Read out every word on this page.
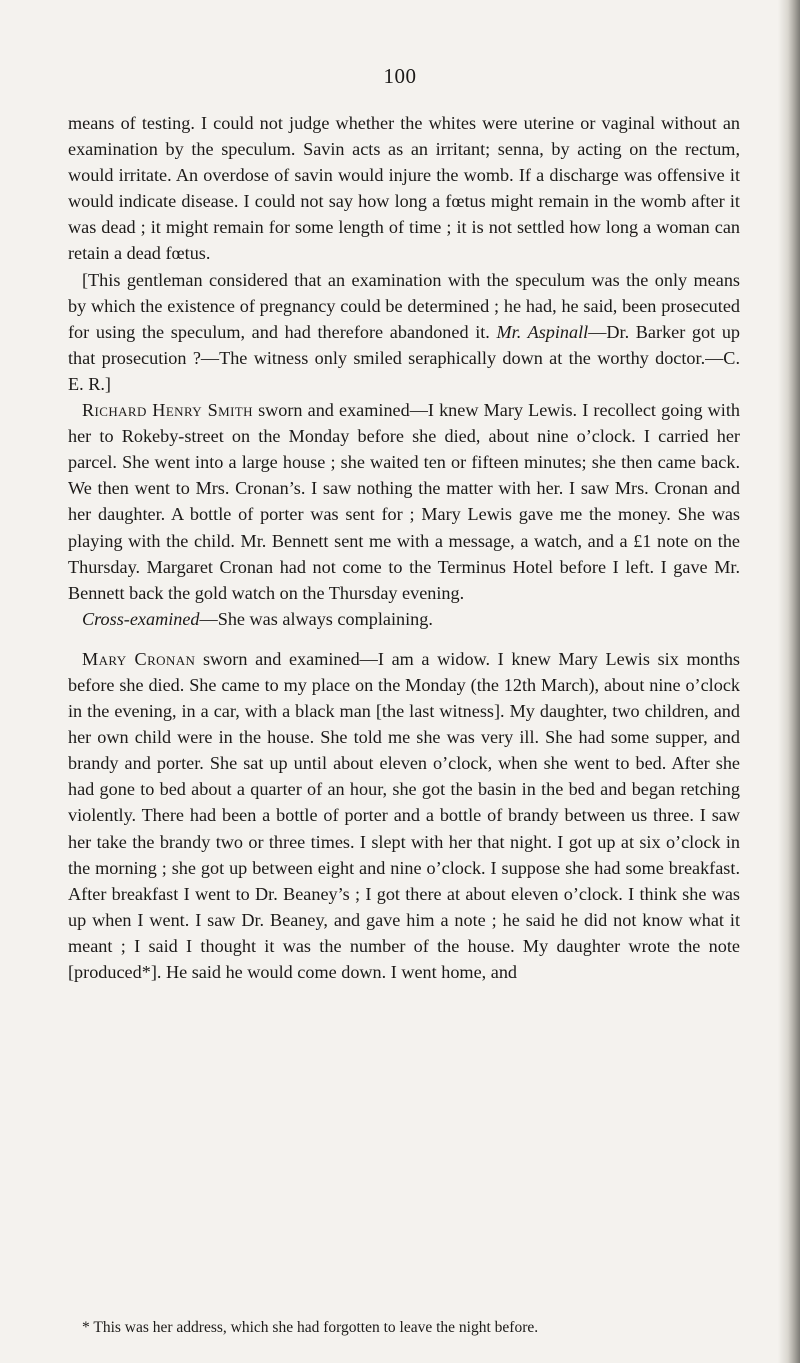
100

means of testing. I could not judge whether the whites were uterine or vaginal without an examination by the speculum. Savin acts as an irritant; senna, by acting on the rectum, would irritate. An overdose of savin would injure the womb. If a discharge was offensive it would indicate disease. I could not say how long a fœtus might remain in the womb after it was dead ; it might remain for some length of time ; it is not settled how long a woman can retain a dead fœtus.

[This gentleman considered that an examination with the speculum was the only means by which the existence of pregnancy could be determined ; he had, he said, been prosecuted for using the speculum, and had therefore abandoned it. Mr. Aspinall—Dr. Barker got up that prosecution ?—The witness only smiled seraphically down at the worthy doctor.—C. E. R.]

Richard Henry Smith sworn and examined—I knew Mary Lewis. I recollect going with her to Rokeby-street on the Monday before she died, about nine o’clock. I carried her parcel. She went into a large house ; she waited ten or fifteen minutes; she then came back. We then went to Mrs. Cronan’s. I saw nothing the matter with her. I saw Mrs. Cronan and her daughter. A bottle of porter was sent for ; Mary Lewis gave me the money. She was playing with the child. Mr. Bennett sent me with a message, a watch, and a £1 note on the Thursday. Margaret Cronan had not come to the Terminus Hotel before I left. I gave Mr. Bennett back the gold watch on the Thursday evening.

Cross-examined—She was always complaining.

Mary Cronan sworn and examined—I am a widow. I knew Mary Lewis six months before she died. She came to my place on the Monday (the 12th March), about nine o’clock in the evening, in a car, with a black man [the last witness]. My daughter, two children, and her own child were in the house. She told me she was very ill. She had some supper, and brandy and porter. She sat up until about eleven o’clock, when she went to bed. After she had gone to bed about a quarter of an hour, she got the basin in the bed and began retching violently. There had been a bottle of porter and a bottle of brandy between us three. I saw her take the brandy two or three times. I slept with her that night. I got up at six o’clock in the morning ; she got up between eight and nine o’clock. I suppose she had some breakfast. After breakfast I went to Dr. Beaney’s ; I got there at about eleven o’clock. I think she was up when I went. I saw Dr. Beaney, and gave him a note ; he said he did not know what it meant ; I said I thought it was the number of the house. My daughter wrote the note [produced*]. He said he would come down. I went home, and

* This was her address, which she had forgotten to leave the night before.
